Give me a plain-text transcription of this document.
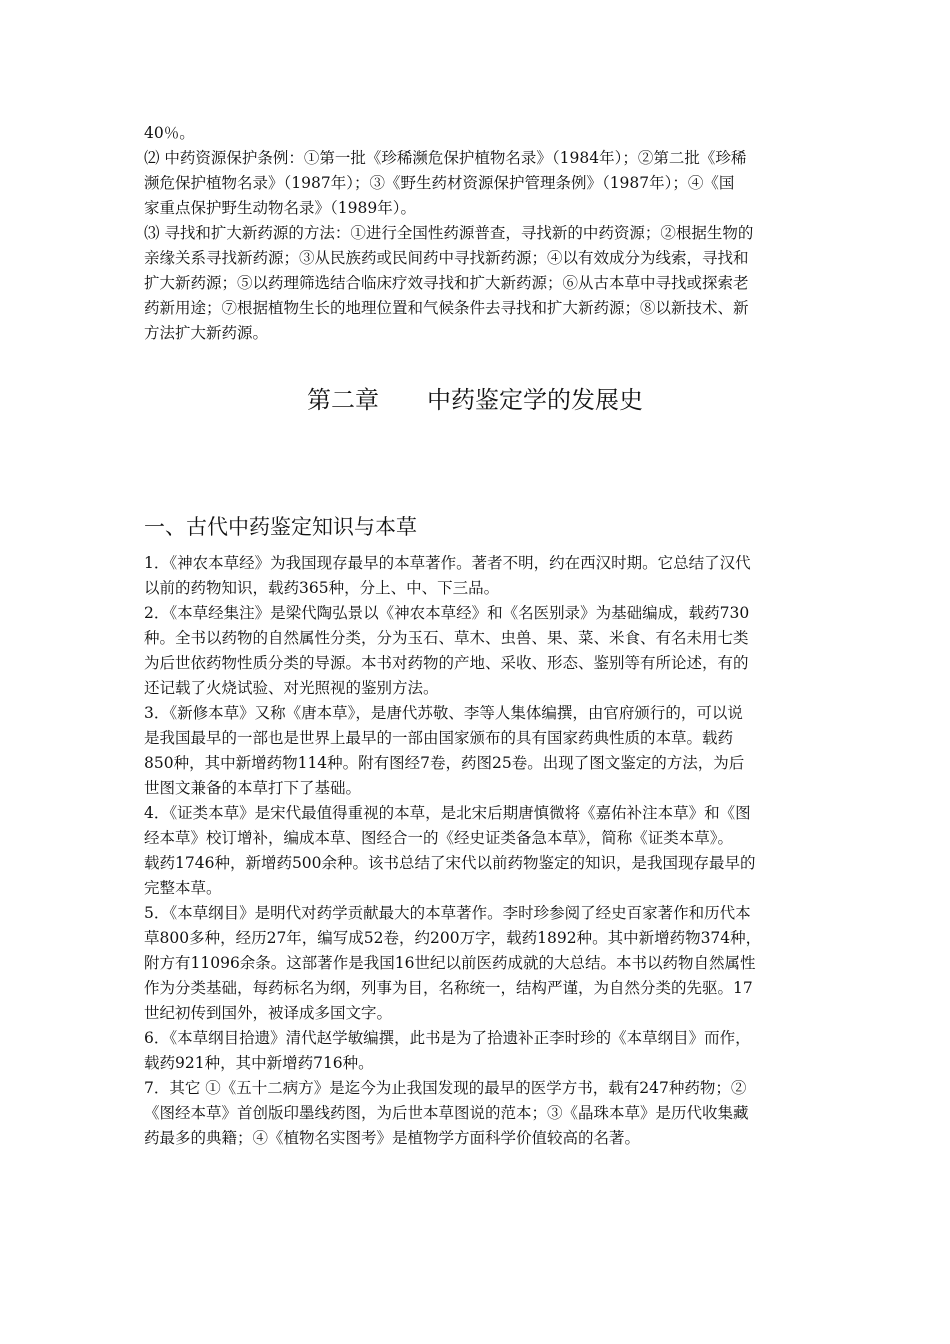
40％。
⑵ 中药资源保护条例：①第一批《珍稀濒危保护植物名录》（1984年）；②第二批《珍稀
濒危保护植物名录》（1987年）；③《野生药材资源保护管理条例》（1987年）；④《国
家重点保护野生动物名录》（1989年）。
⑶ 寻找和扩大新药源的方法：①进行全国性药源普查，寻找新的中药资源；②根据生物的
亲缘关系寻找新药源；③从民族药或民间药中寻找新药源；④以有效成分为线索，寻找和
扩大新药源；⑤以药理筛选结合临床疗效寻找和扩大新药源；⑥从古本草中寻找或探索老
药新用途；⑦根据植物生长的地理位置和气候条件去寻找和扩大新药源；⑧以新技术、新
方法扩大新药源。
第二章　　中药鉴定学的发展史
一、古代中药鉴定知识与本草
1．《神农本草经》为我国现存最早的本草著作。著者不明，约在西汉时期。它总结了汉代
以前的药物知识，载药365种，分上、中、下三品。
2．《本草经集注》是梁代陶弘景以《神农本草经》和《名医别录》为基础编成，载药730
种。全书以药物的自然属性分类，分为玉石、草木、虫兽、果、菜、米食、有名未用七类
为后世依药物性质分类的导源。本书对药物的产地、采收、形态、鉴别等有所论述，有的
还记载了火烧试验、对光照视的鉴别方法。
3．《新修本草》又称《唐本草》，是唐代苏敬、李等人集体编撰，由官府颁行的，可以说
是我国最早的一部也是世界上最早的一部由国家颁布的具有国家药典性质的本草。载药
850种，其中新增药物114种。附有图经7卷，药图25卷。出现了图文鉴定的方法，为后
世图文兼备的本草打下了基础。
4．《证类本草》是宋代最值得重视的本草，是北宋后期唐慎微将《嘉佑补注本草》和《图
经本草》校订增补，编成本草、图经合一的《经史证类备急本草》，简称《证类本草》。
载药1746种，新增药500余种。该书总结了宋代以前药物鉴定的知识，是我国现存最早的
完整本草。
5．《本草纲目》是明代对药学贡献最大的本草著作。李时珍参阅了经史百家著作和历代本
草800多种，经历27年，编写成52卷，约200万字，载药1892种。其中新增药物374种，
附方有11096余条。这部著作是我国16世纪以前医药成就的大总结。本书以药物自然属性
作为分类基础，每药标名为纲，列事为目，名称统一，结构严谨，为自然分类的先驱。17
世纪初传到国外，被译成多国文字。
6．《本草纲目拾遗》清代赵学敏编撰，此书是为了拾遗补正李时珍的《本草纲目》而作，
载药921种，其中新增药716种。
7．其它 ①《五十二病方》是迄今为止我国发现的最早的医学方书，载有247种药物；②
《图经本草》首创版印墨线药图，为后世本草图说的范本；③《晶珠本草》是历代收集藏
药最多的典籍；④《植物名实图考》是植物学方面科学价值较高的名著。
